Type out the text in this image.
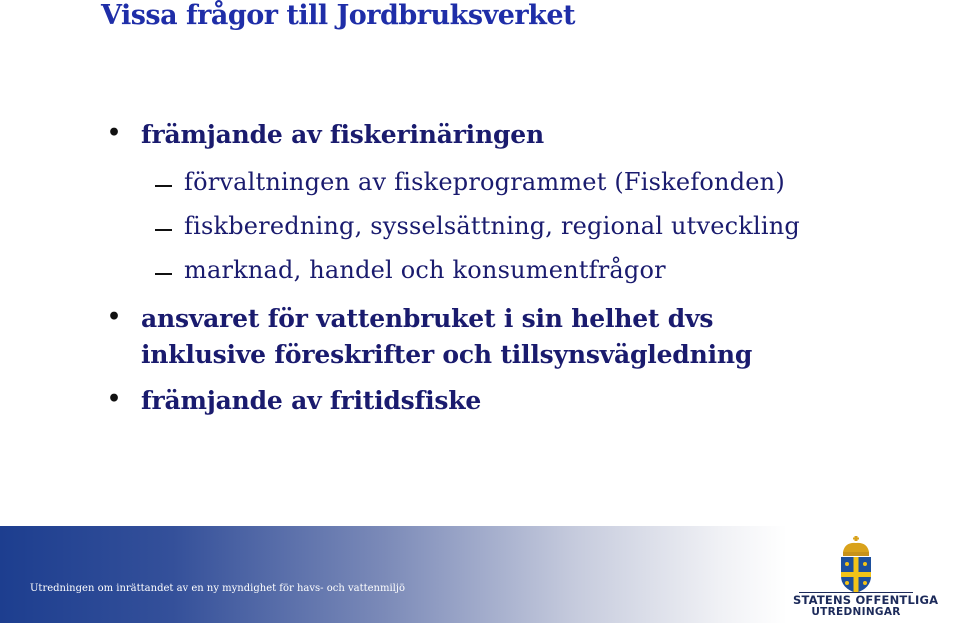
Vissa frågor till Jordbruksverket
• främjande av fiskerinäringen
förvaltningen av fiskeprogrammet (Fiskefonden)
fiskberedning, sysselsättning, regional utveckling
marknad, handel och konsumentfrågor
• ansvaret för vattenbruket i sin helhet dvs
inklusive föreskrifter och tillsynsvägledning
• främjande av fritidsfiske
Utredningen om inrättandet av en ny myndighet för havs- och vattenmiljö
STATENS OFFENTLIGA
UTREDNINGAR
